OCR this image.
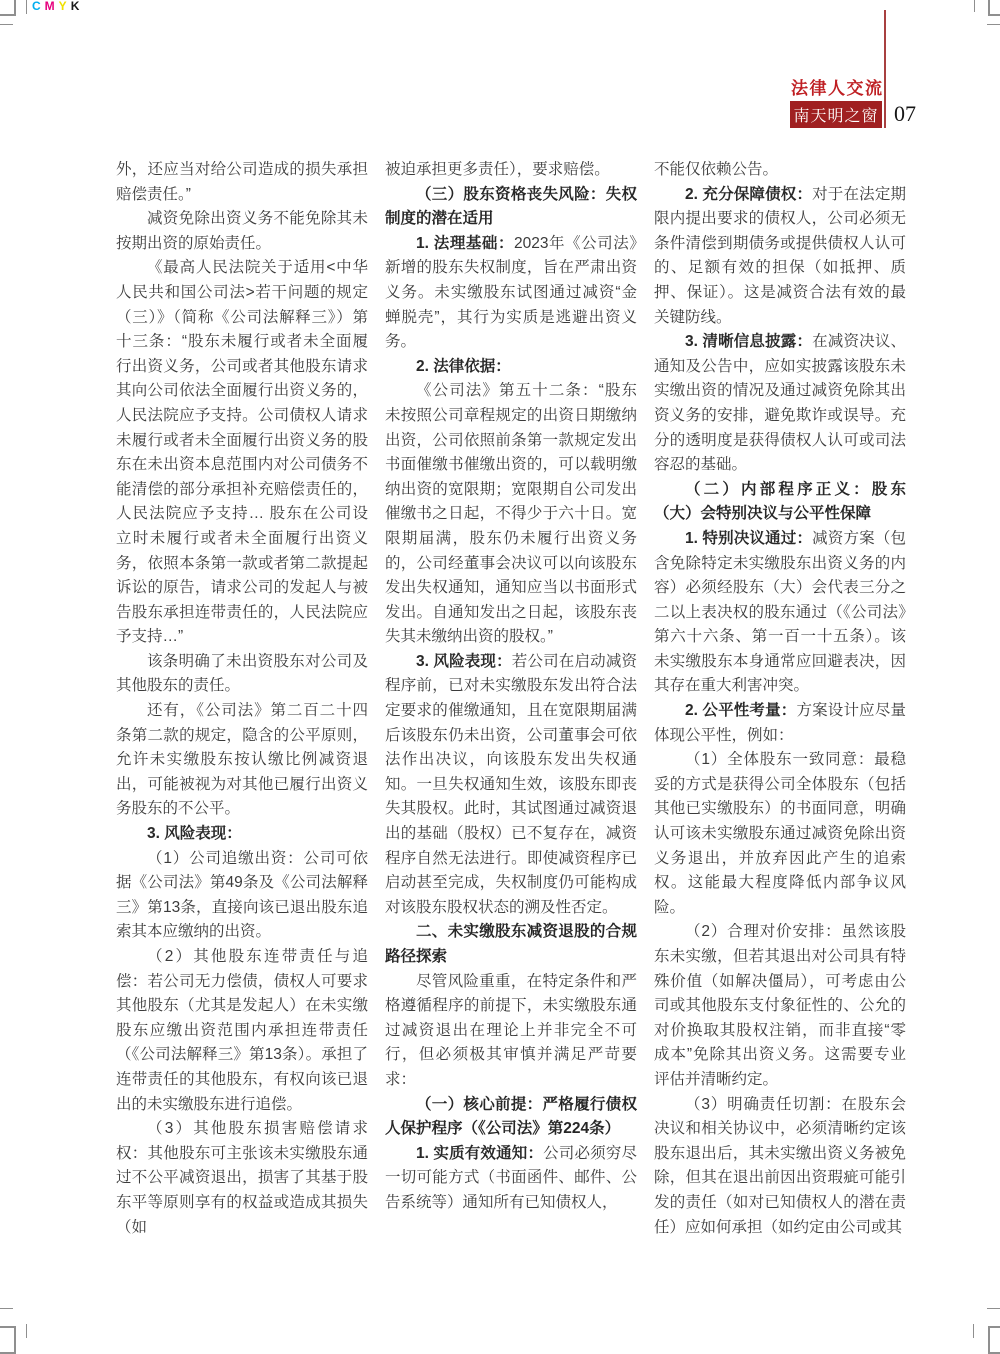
CMYK
法律人交流
南天明之窗 07

外，还应当对给公司造成的损失承担赔偿责任。”

减资免除出资义务不能免除其未按期出资的原始责任。

《最高人民法院关于适用<中华人民共和国公司法>若干问题的规定（三）》（简称《公司法解释三》）第十三条：“股东未履行或者未全面履行出资义务，公司或者其他股东请求其向公司依法全面履行出资义务的，人民法院应予支持。公司债权人请求未履行或者未全面履行出资义务的股东在未出资本息范围内对公司债务不能清偿的部分承担补充赔偿责任的，人民法院应予支持… 股东在公司设立时未履行或者未全面履行出资义务，依照本条第一款或者第二款提起诉讼的原告，请求公司的发起人与被告股东承担连带责任的，人民法院应予支持…”

该条明确了未出资股东对公司及其他股东的责任。

还有，《公司法》第二百二十四条第二款的规定，隐含的公平原则，允许未实缴股东按认缴比例减资退出，可能被视为对其他已履行出资义务股东的不公平。

3. 风险表现：

（1）公司追缴出资：公司可依据《公司法》第49条及《公司法解释三》第13条，直接向该已退出股东追索其本应缴纳的出资。

（2）其他股东连带责任与追偿：若公司无力偿债，债权人可要求其他股东（尤其是发起人）在未实缴股东应缴出资范围内承担连带责任（《公司法解释三》第13条）。承担了连带责任的其他股东，有权向该已退出的未实缴股东进行追偿。

（3）其他股东损害赔偿请求权：其他股东可主张该未实缴股东通过不公平减资退出，损害了其基于股东平等原则享有的权益或造成其损失（如

被迫承担更多责任），要求赔偿。

（三）股东资格丧失风险：失权制度的潜在适用

1. 法理基础：2023年《公司法》新增的股东失权制度，旨在严肃出资义务。未实缴股东试图通过减资“金蝉脱壳”，其行为实质是逃避出资义务。

2. 法律依据：

《公司法》第五十二条：“股东未按照公司章程规定的出资日期缴纳出资，公司依照前条第一款规定发出书面催缴书催缴出资的，可以载明缴纳出资的宽限期；宽限期自公司发出催缴书之日起，不得少于六十日。宽限期届满，股东仍未履行出资义务的，公司经董事会决议可以向该股东发出失权通知，通知应当以书面形式发出。自通知发出之日起，该股东丧失其未缴纳出资的股权。”

3. 风险表现：若公司在启动减资程序前，已对未实缴股东发出符合法定要求的催缴通知，且在宽限期届满后该股东仍未出资，公司董事会可依法作出决议，向该股东发出失权通知。一旦失权通知生效，该股东即丧失其股权。此时，其试图通过减资退出的基础（股权）已不复存在，减资程序自然无法进行。即使减资程序已启动甚至完成，失权制度仍可能构成对该股东股权状态的溯及性否定。

二、未实缴股东减资退股的合规路径探索

尽管风险重重，在特定条件和严格遵循程序的前提下，未实缴股东通过减资退出在理论上并非完全不可行，但必须极其审慎并满足严苛要求：

（一）核心前提：严格履行债权人保护程序（《公司法》第224条）

1. 实质有效通知：公司必须穷尽一切可能方式（书面函件、邮件、公告系统等）通知所有已知债权人，

不能仅依赖公告。

2. 充分保障债权：对于在法定期限内提出要求的债权人，公司必须无条件清偿到期债务或提供债权人认可的、足额有效的担保（如抵押、质押、保证）。这是减资合法有效的最关键防线。

3. 清晰信息披露：在减资决议、通知及公告中，应如实披露该股东未实缴出资的情况及通过减资免除其出资义务的安排，避免欺诈或误导。充分的透明度是获得债权人认可或司法容忍的基础。

（二）内部程序正义：股东（大）会特别决议与公平性保障

1. 特别决议通过：减资方案（包含免除特定未实缴股东出资义务的内容）必须经股东（大）会代表三分之二以上表决权的股东通过（《公司法》第六十六条、第一百一十五条）。该未实缴股东本身通常应回避表决，因其存在重大利害冲突。

2. 公平性考量：方案设计应尽量体现公平性，例如：

（1）全体股东一致同意：最稳妥的方式是获得公司全体股东（包括其他已实缴股东）的书面同意，明确认可该未实缴股东通过减资免除出资义务退出，并放弃因此产生的追索权。这能最大程度降低内部争议风险。

（2）合理对价安排：虽然该股东未实缴，但若其退出对公司具有特殊价值（如解决僵局），可考虑由公司或其他股东支付象征性的、公允的对价换取其股权注销，而非直接“零成本”免除其出资义务。这需要专业评估并清晰约定。

（3）明确责任切割：在股东会决议和相关协议中，必须清晰约定该股东退出后，其未实缴出资义务被免除，但其在退出前因出资瑕疵可能引发的责任（如对已知债权人的潜在责任）应如何承担（如约定由公司或其
